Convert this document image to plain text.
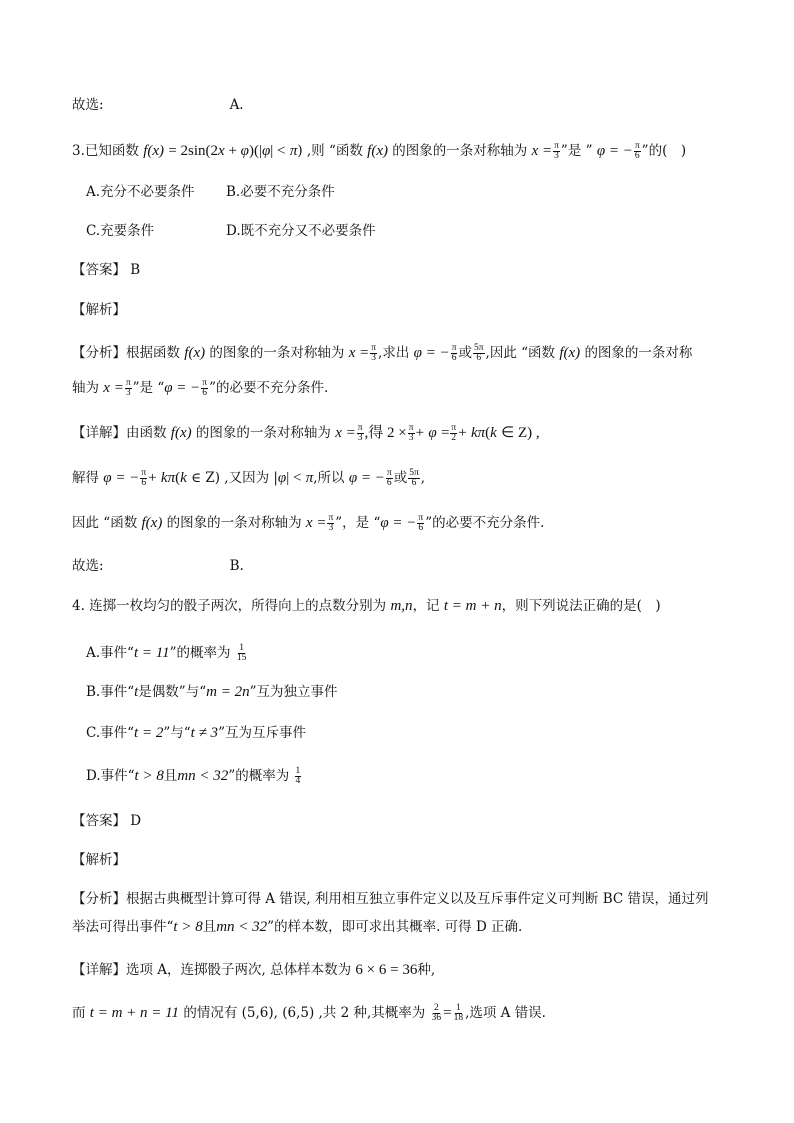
故选:	A.
3.已知函数 f(x) = 2sin(2x + φ)(|φ| < π) ,则 “函数 f(x) 的图象的一条对称轴为 $x = \frac{\pi}{3}$ ”是 ” φ = − $\frac{\pi}{6}$ ”的( )
A.充分不必要条件 B.必要不充分条件
C.充要条件	D.既不充分又不必要条件
【答案】 B
【解析】
【分析】根据函数 f(x) 的图象的一条对称轴为 $x = \frac{\pi}{3}$ ,求出 φ = − $\frac{\pi}{6}$ 或 $\frac{5\pi}{6}$ ,因此 “函数 f(x) 的图象的一条对称
轴为 $x = \frac{\pi}{3}$ ”是 “φ = − $\frac{\pi}{6}$ ”的必要不充分条件.
【详解】由函数 f(x) 的图象的一条对称轴为 $x = \frac{\pi}{3}$ ,得 $2 \times \frac{\pi}{3} + \varphi = \frac{\pi}{2} + k\pi(k$ ∈ Z) ,
解得 φ = − $\frac{\pi}{6} + k\pi(k$ ∈ Z) ,又因为 |φ| < π,所以 φ = − $\frac{\pi}{6}$ 或 $\frac{5\pi}{6}$ ,
因此 “函数 f(x) 的图象的一条对称轴为 $x = \frac{\pi}{3}$ ”，是 “φ = − $\frac{\pi}{6}$ ”的必要不充分条件.
故选:	B.
4. 连掷一枚均匀的骰子两次，所得向上的点数分别为 m,n，记 t = m + n，则下列说法正确的是( )
A.事件“t = 11”的概率为 $\frac{1}{15}$
B.事件“t是偶数”与“m = 2n”互为独立事件
C.事件“t = 2”与“t ≠ 3”互为互斥事件
D.事件“t > 8且mn < 32”的概率为 $\frac{1}{4}$
【答案】 D
【解析】
【分析】根据古典概型计算可得 A 错误, 利用相互独立事件定义以及互斥事件定义可判断 BC 错误，通过列
举法可得出事件“t > 8且mn < 32”的样本数，即可求出其概率. 可得 D 正确.
【详解】选项 A，连掷骰子两次, 总体样本数为 6 × 6 = 36种,
而 t = m + n = 11 的情况有 (5,6), (6,5) ,共 2 种,其概率为 $\frac{2}{36} = \frac{1}{18}$ ,选项 A 错误.
